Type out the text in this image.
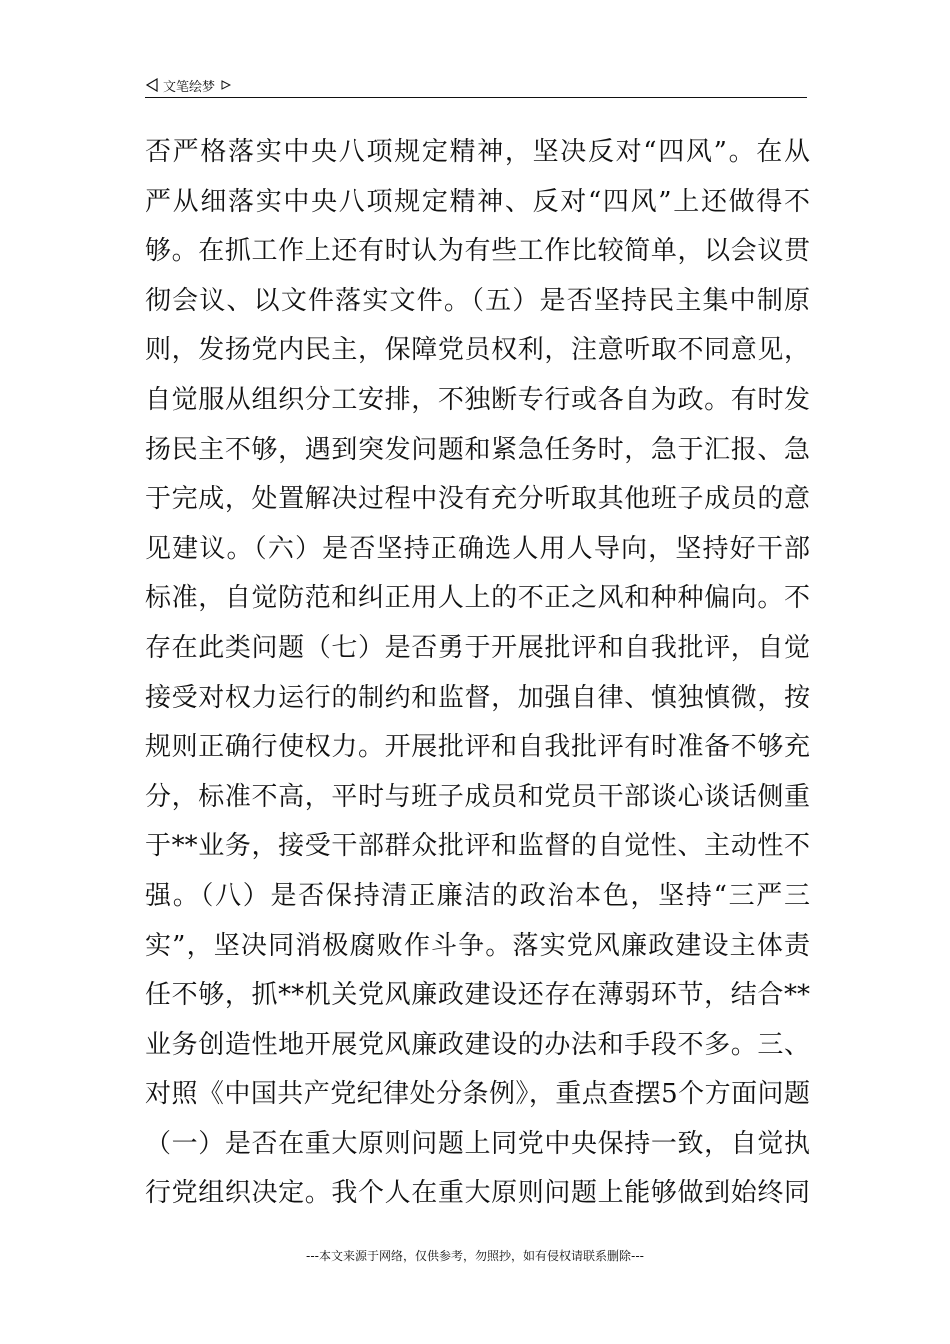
文笔绘梦
否严格落实中央八项规定精神，坚决反对“四风”。在从
严从细落实中央八项规定精神、反对“四风”上还做得不
够。在抓工作上还有时认为有些工作比较简单，以会议贯
彻会议、以文件落实文件。（五）是否坚持民主集中制原
则，发扬党内民主，保障党员权利，注意听取不同意见，
自觉服从组织分工安排，不独断专行或各自为政。有时发
扬民主不够，遇到突发问题和紧急任务时，急于汇报、急
于完成，处置解决过程中没有充分听取其他班子成员的意
见建议。（六）是否坚持正确选人用人导向，坚持好干部
标准，自觉防范和纠正用人上的不正之风和种种偏向。不
存在此类问题（七）是否勇于开展批评和自我批评，自觉
接受对权力运行的制约和监督，加强自律、慎独慎微，按
规则正确行使权力。开展批评和自我批评有时准备不够充
分，标准不高，平时与班子成员和党员干部谈心谈话侧重
于**业务，接受干部群众批评和监督的自觉性、主动性不
强。（八）是否保持清正廉洁的政治本色，坚持“三严三
实”，坚决同消极腐败作斗争。落实党风廉政建设主体责
任不够，抓**机关党风廉政建设还存在薄弱环节，结合**
业务创造性地开展党风廉政建设的办法和手段不多。三、
对照《中国共产党纪律处分条例》，重点查摆5个方面问题
（一）是否在重大原则问题上同党中央保持一致，自觉执
行党组织决定。我个人在重大原则问题上能够做到始终同
---本文来源于网络，仅供参考，勿照抄，如有侵权请联系删除---
